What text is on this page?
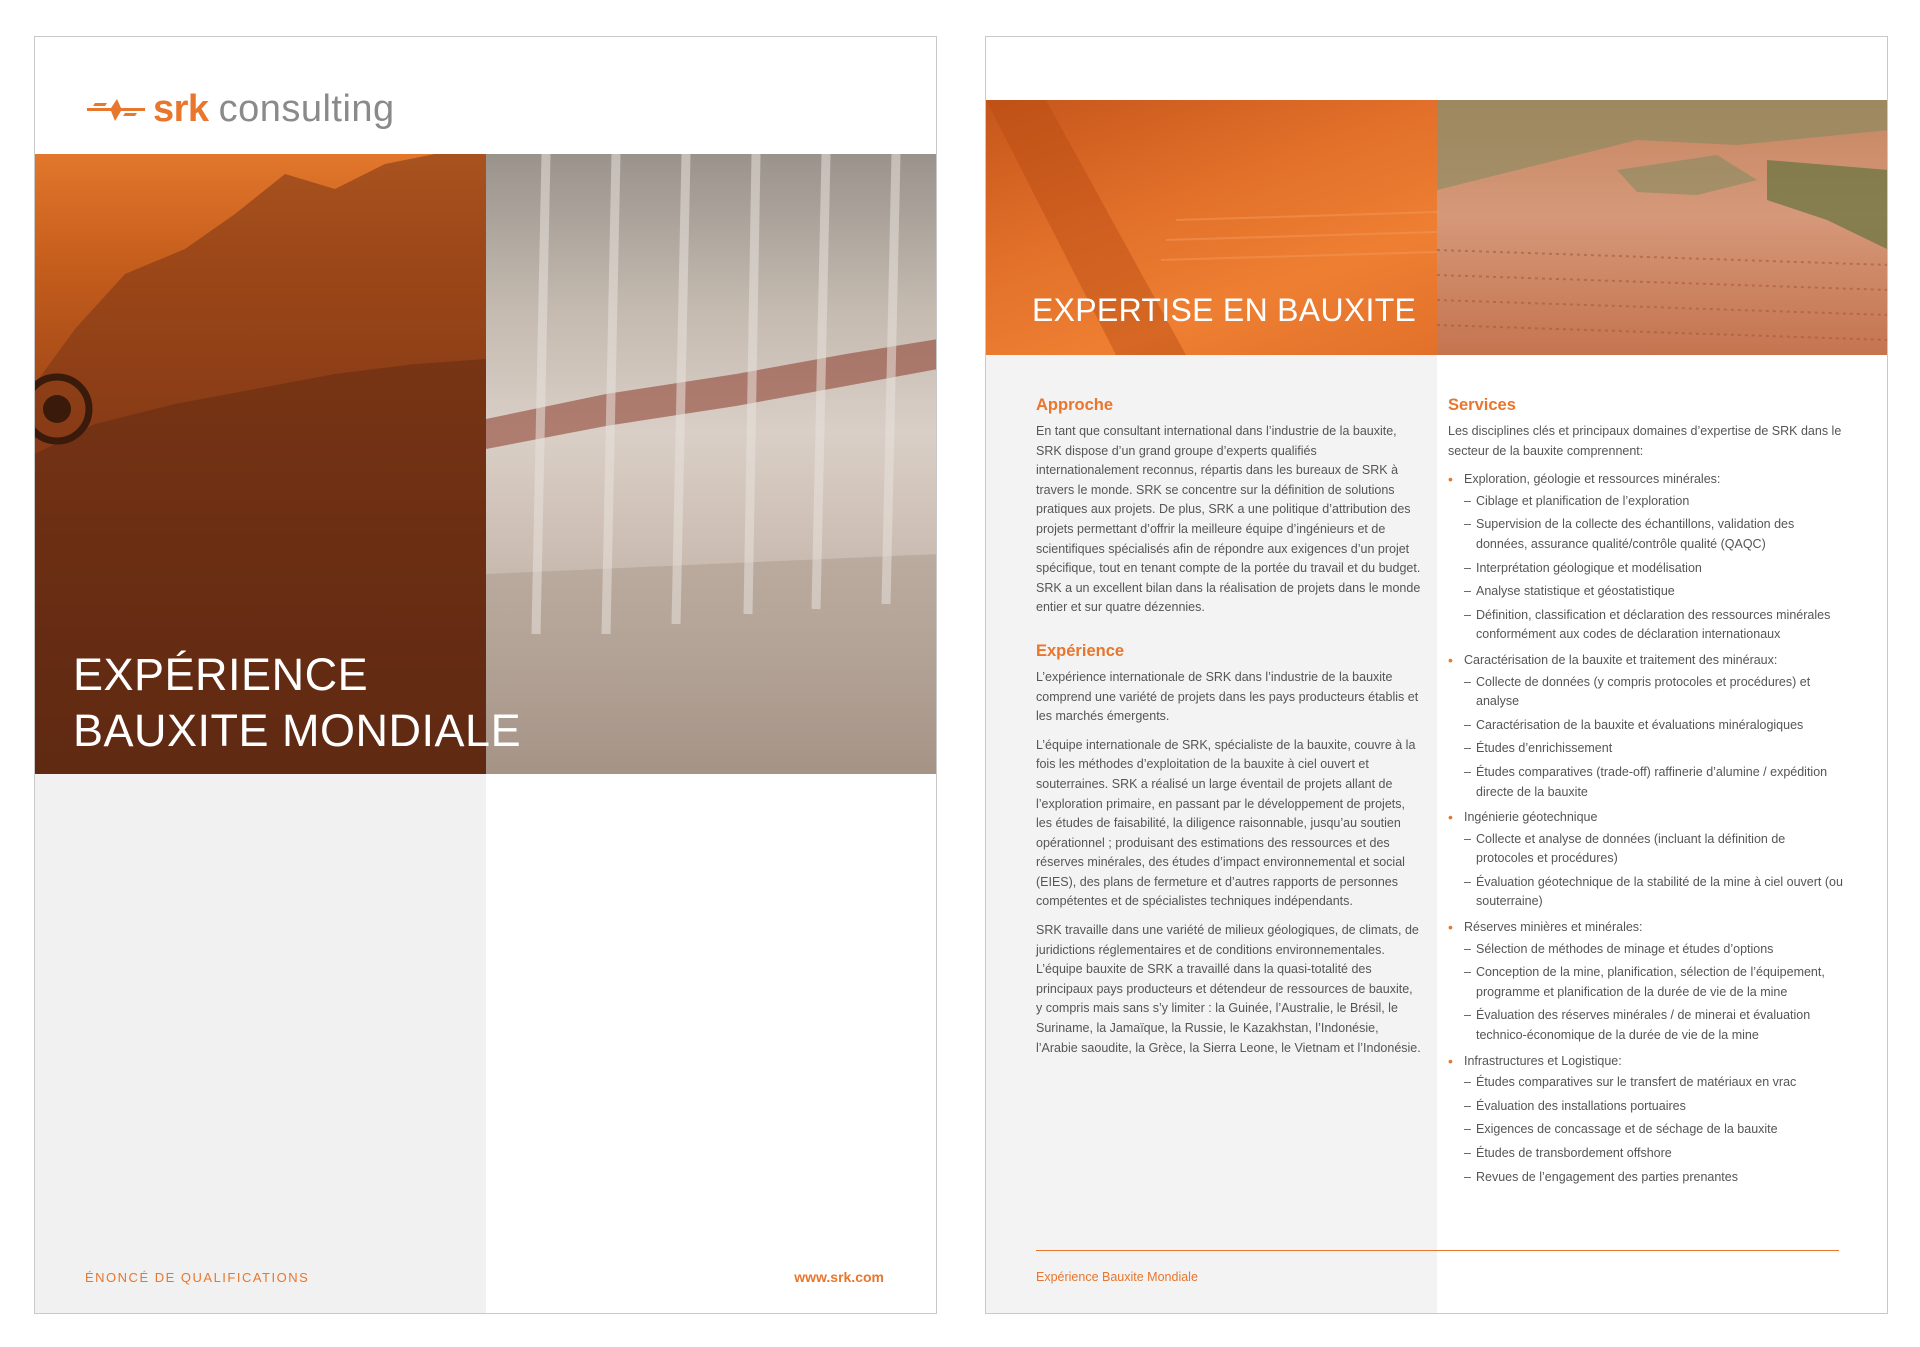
srk consulting
EXPÉRIENCE
BAUXITE MONDIALE
ÉNONCÉ DE QUALIFICATIONS	www.srk.com
EXPERTISE EN BAUXITE
Approche

En tant que consultant international dans l’industrie de la bauxite, SRK dispose d’un grand groupe d’experts qualifiés internationalement reconnus, répartis dans les bureaux de SRK à travers le monde. SRK se concentre sur la définition de solutions pratiques aux projets. De plus, SRK a une politique d’attribution des projets permettant d’offrir la meilleure équipe d’ingénieurs et de scientifiques spécialisés afin de répondre aux exigences d’un projet spécifique, tout en tenant compte de la portée du travail et du budget. SRK a un excellent bilan dans la réalisation de projets dans le monde entier et sur quatre dézennies.

Expérience

L’expérience internationale de SRK dans l’industrie de la bauxite comprend une variété de projets dans les pays producteurs établis et les marchés émergents.

L’équipe internationale de SRK, spécialiste de la bauxite, couvre à la fois les méthodes d’exploitation de la bauxite à ciel ouvert et souterraines. SRK a réalisé un large éventail de projets allant de l’exploration primaire, en passant par le développement de projets, les études de faisabilité, la diligence raisonnable, jusqu’au soutien opérationnel ; produisant des estimations des ressources et des réserves minérales, des études d’impact environnemental et social (EIES), des plans de fermeture et d’autres rapports de personnes compétentes et de spécialistes techniques indépendants.

SRK travaille dans une variété de milieux géologiques, de climats, de juridictions réglementaires et de conditions environnementales. L’équipe bauxite de SRK a travaillé dans la quasi-totalité des principaux pays producteurs et détendeur de ressources de bauxite, y compris mais sans s’y limiter : la Guinée, l’Australie, le Brésil, le Suriname, la Jamaïque, la Russie, le Kazakhstan, l’Indonésie, l’Arabie saoudite, la Grèce, la Sierra Leone, le Vietnam et l’Indonésie.

Services

Les disciplines clés et principaux domaines d’expertise de SRK dans le secteur de la bauxite comprennent:

• Exploration, géologie et ressources minérales:
– Ciblage et planification de l’exploration
– Supervision de la collecte des échantillons, validation des données, assurance qualité/contrôle qualité (QAQC)
– Interprétation géologique et modélisation
– Analyse statistique et géostatistique
– Définition, classification et déclaration des ressources minérales conformément aux codes de déclaration internationaux
• Caractérisation de la bauxite et traitement des minéraux:
– Collecte de données (y compris protocoles et procédures) et analyse
– Caractérisation de la bauxite et évaluations minéralogiques
– Études d’enrichissement
– Études comparatives (trade-off) raffinerie d’alumine / expédition directe de la bauxite
• Ingénierie géotechnique
– Collecte et analyse de données (incluant la définition de protocoles et procédures)
– Évaluation géotechnique de la stabilité de la mine à ciel ouvert (ou souterraine)
• Réserves minières et minérales:
– Sélection de méthodes de minage et études d’options
– Conception de la mine, planification, sélection de l’équipement, programme et planification de la durée de vie de la mine
– Évaluation des réserves minérales / de minerai et évaluation technico-économique de la durée de vie de la mine
• Infrastructures et Logistique:
– Études comparatives sur le transfert de matériaux en vrac
– Évaluation des installations portuaires
– Exigences de concassage et de séchage de la bauxite
– Études de transbordement offshore
– Revues de l’engagement des parties prenantes
Expérience Bauxite Mondiale
